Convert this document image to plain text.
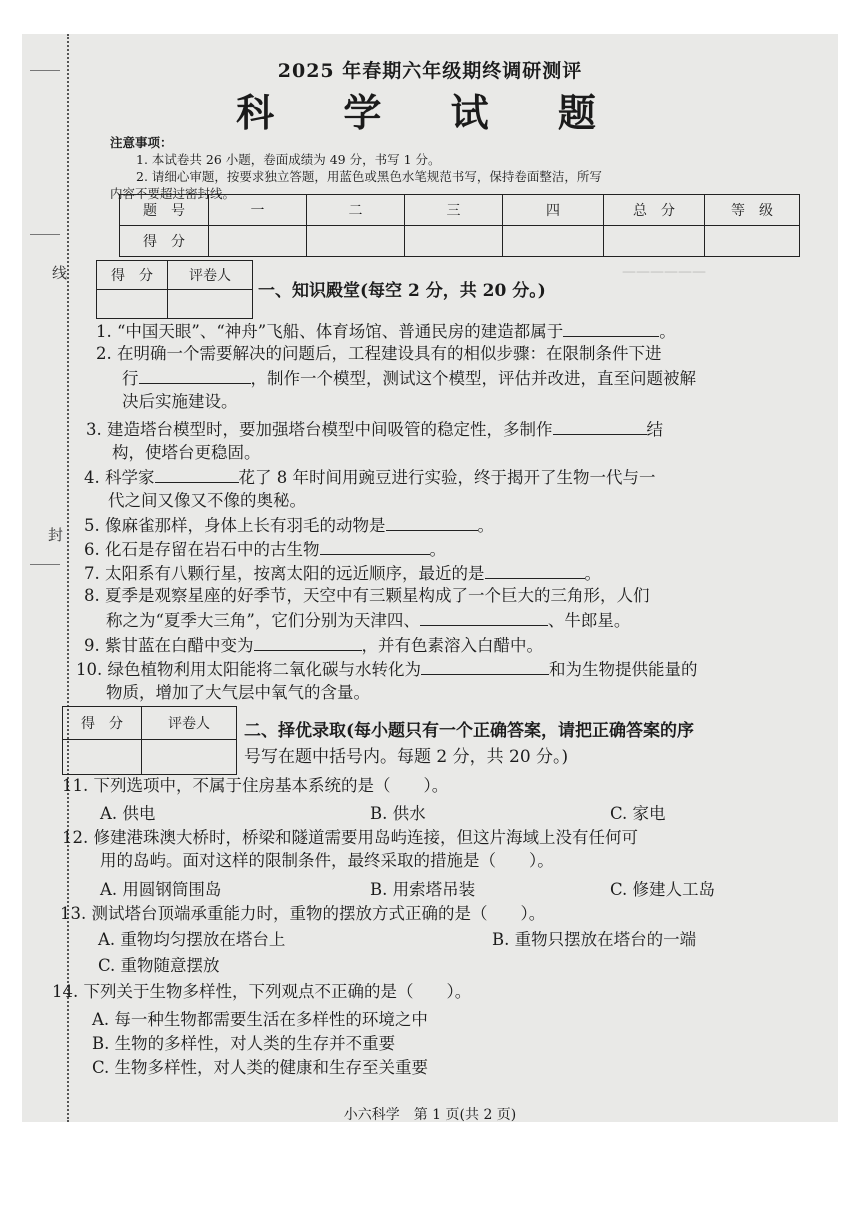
线
封
——————
2025 年春期六年级期终调研测评
科 学 试 题
注意事项：
1. 本试卷共 26 小题，卷面成绩为 49 分，书写 1 分。
2. 请细心审题，按要求独立答题，用蓝色或黑色水笔规范书写，保持卷面整洁，所写
内容不要超过密封线。
题　号	一	二	三	四	总　分	等　级
得　分						
得　分	评卷人

一、知识殿堂(每空 2 分，共 20 分。)
1. “中国天眼”、“神舟”飞船、体育场馆、普通民房的建造都属于	。
2. 在明确一个需要解决的问题后，工程建设具有的相似步骤：在限制条件下进
行	，制作一个模型，测试这个模型，评估并改进，直至问题被解
决后实施建设。
3. 建造塔台模型时，要加强塔台模型中间吸管的稳定性，多制作	结
构，使塔台更稳固。
4. 科学家	花了 8 年时间用豌豆进行实验，终于揭开了生物一代与一
代之间又像又不像的奥秘。
5. 像麻雀那样，身体上长有羽毛的动物是	。
6. 化石是存留在岩石中的古生物	。
7. 太阳系有八颗行星，按离太阳的远近顺序，最近的是	。
8. 夏季是观察星座的好季节，天空中有三颗星构成了一个巨大的三角形，人们
称之为“夏季大三角”，它们分别为天津四、	、牛郎星。
9. 紫甘蓝在白醋中变为	，并有色素溶入白醋中。
10. 绿色植物利用太阳能将二氧化碳与水转化为	和为生物提供能量的
物质，增加了大气层中氧气的含量。
得　分	评卷人
	二、择优录取(每小题只有一个正确答案，请把正确答案的序
号写在题中括号内。每题 2 分，共 20 分。)
11. 下列选项中，不属于住房基本系统的是（　　）。
A. 供电	B. 供水	C. 家电
12. 修建港珠澳大桥时，桥梁和隧道需要用岛屿连接，但这片海域上没有任何可
用的岛屿。面对这样的限制条件，最终采取的措施是（　　）。
A. 用圆钢筒围岛	B. 用索塔吊装	C. 修建人工岛
13. 测试塔台顶端承重能力时，重物的摆放方式正确的是（　　）。
A. 重物均匀摆放在塔台上	B. 重物只摆放在塔台的一端
C. 重物随意摆放
14. 下列关于生物多样性，下列观点不正确的是（　　）。
A. 每一种生物都需要生活在多样性的环境之中
B. 生物的多样性，对人类的生存并不重要
C. 生物多样性，对人类的健康和生存至关重要
小六科学　第 1 页(共 2 页)
